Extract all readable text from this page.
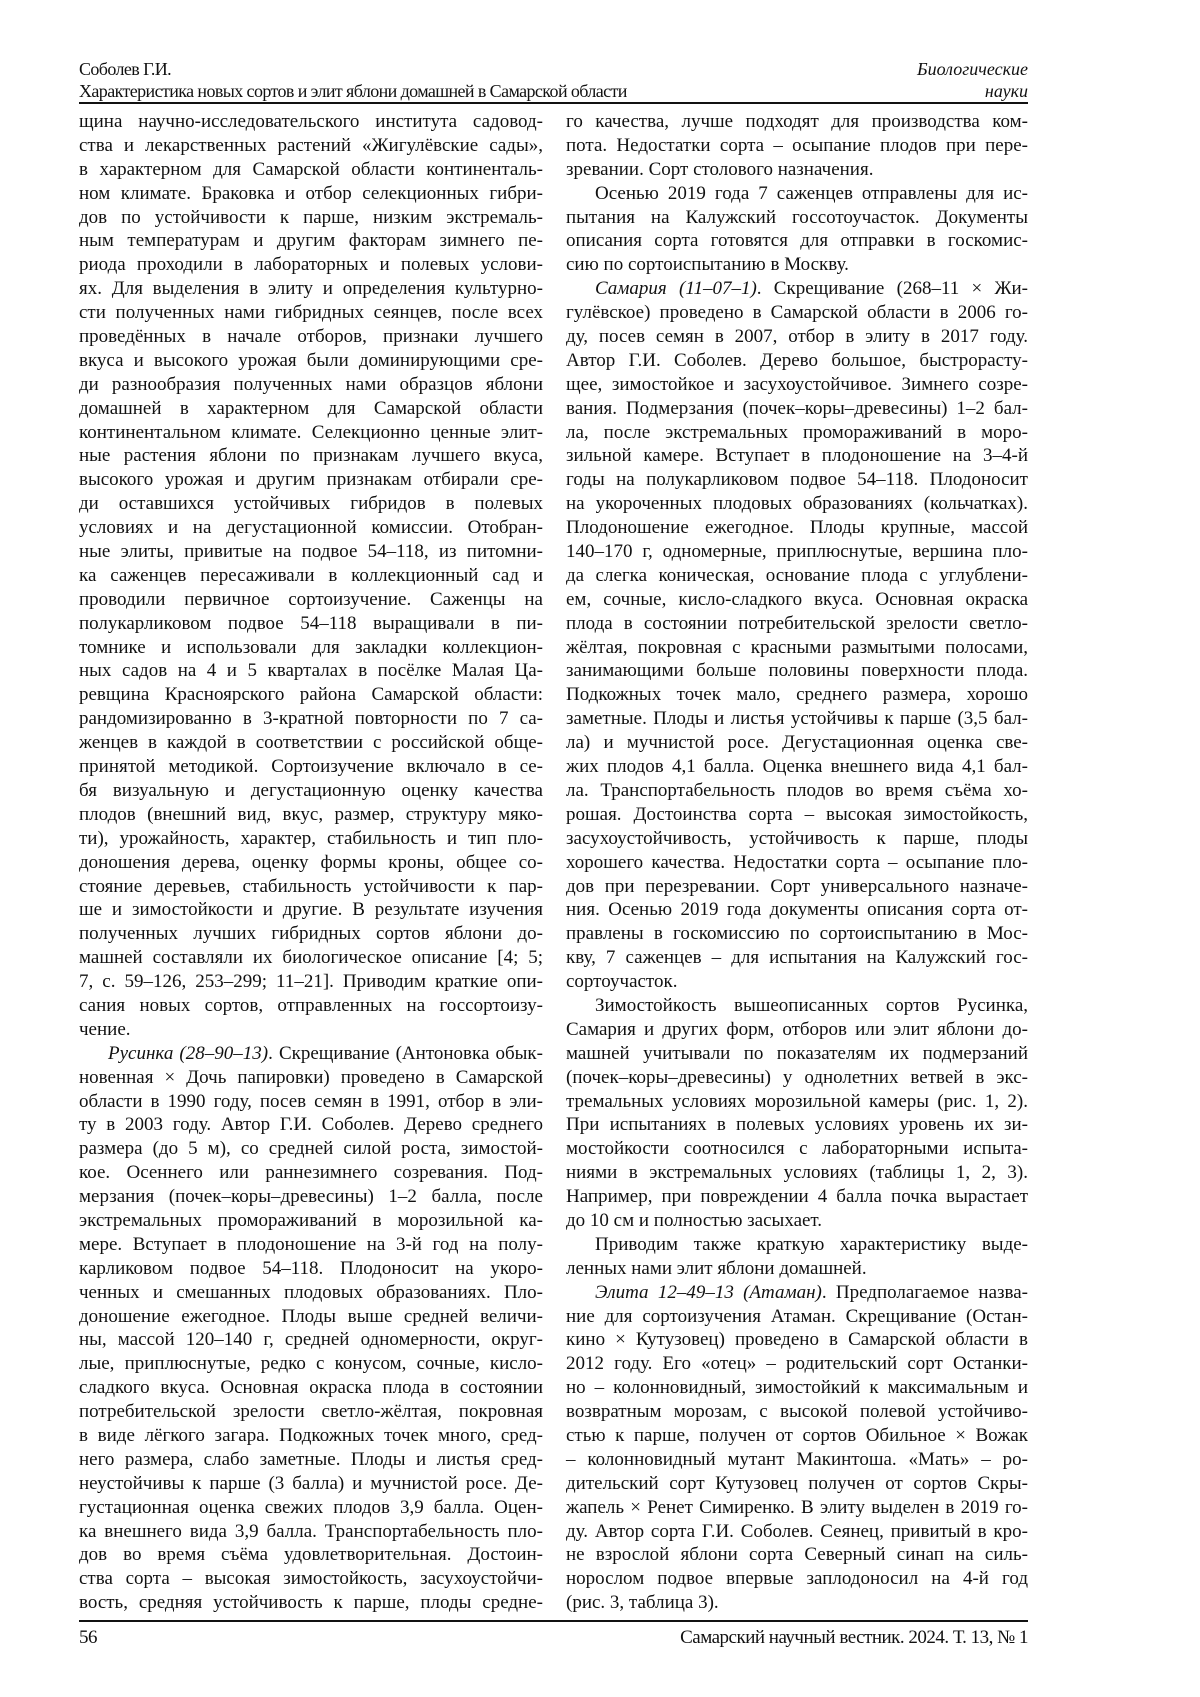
Соболев Г.И.
Характеристика новых сортов и элит яблони домашней в Самарской области
Биологические
науки
щина научно-исследовательского института садовод-
ства и лекарственных растений «Жигулёвские сады»,
в характерном для Самарской области континенталь-
ном климате. Браковка и отбор селекционных гибри-
дов по устойчивости к парше, низким экстремаль-
ным температурам и другим факторам зимнего пе-
риода проходили в лабораторных и полевых услови-
ях. Для выделения в элиту и определения культурно-
сти полученных нами гибридных сеянцев, после всех
проведённых в начале отборов, признаки лучшего
вкуса и высокого урожая были доминирующими сре-
ди разнообразия полученных нами образцов яблони
домашней в характерном для Самарской области
континентальном климате. Селекционно ценные элит-
ные растения яблони по признакам лучшего вкуса,
высокого урожая и другим признакам отбирали сре-
ди оставшихся устойчивых гибридов в полевых
условиях и на дегустационной комиссии. Отобран-
ные элиты, привитые на подвое 54–118, из питомни-
ка саженцев пересаживали в коллекционный сад и
проводили первичное сортоизучение. Саженцы на
полукарликовом подвое 54–118 выращивали в пи-
томнике и использовали для закладки коллекцион-
ных садов на 4 и 5 кварталах в посёлке Малая Ца-
ревщина Красноярского района Самарской области:
рандомизированно в 3-кратной повторности по 7 са-
женцев в каждой в соответствии с российской обще-
принятой методикой. Сортоизучение включало в се-
бя визуальную и дегустационную оценку качества
плодов (внешний вид, вкус, размер, структуру мяко-
ти), урожайность, характер, стабильность и тип пло-
доношения дерева, оценку формы кроны, общее со-
стояние деревьев, стабильность устойчивости к пар-
ше и зимостойкости и другие. В результате изучения
полученных лучших гибридных сортов яблони до-
машней составляли их биологическое описание [4; 5;
7, с. 59–126, 253–299; 11–21]. Приводим краткие опи-
сания новых сортов, отправленных на госсортоизу-
чение.
Русинка (28–90–13). Скрещивание (Антоновка обык-
новенная × Дочь папировки) проведено в Самарской
области в 1990 году, посев семян в 1991, отбор в эли-
ту в 2003 году. Автор Г.И. Соболев. Дерево среднего
размера (до 5 м), со средней силой роста, зимостой-
кое. Осеннего или раннезимнего созревания. Под-
мерзания (почек–коры–древесины) 1–2 балла, после
экстремальных промораживаний в морозильной ка-
мере. Вступает в плодоношение на 3-й год на полу-
карликовом подвое 54–118. Плодоносит на укоро-
ченных и смешанных плодовых образованиях. Пло-
доношение ежегодное. Плоды выше средней величи-
ны, массой 120–140 г, средней одномерности, округ-
лые, приплюснутые, редко с конусом, сочные, кисло-
сладкого вкуса. Основная окраска плода в состоянии
потребительской зрелости светло-жёлтая, покровная
в виде лёгкого загара. Подкожных точек много, сред-
него размера, слабо заметные. Плоды и листья сред-
неустойчивы к парше (3 балла) и мучнистой росе. Де-
густационная оценка свежих плодов 3,9 балла. Оцен-
ка внешнего вида 3,9 балла. Транспортабельность пло-
дов во время съёма удовлетворительная. Достоин-
ства сорта – высокая зимостойкость, засухоустойчи-
вость, средняя устойчивость к парше, плоды средне-
го качества, лучше подходят для производства ком-
пота. Недостатки сорта – осыпание плодов при пере-
зревании. Сорт столового назначения.
Осенью 2019 года 7 саженцев отправлены для ис-
пытания на Калужский госсотоучасток. Документы
описания сорта готовятся для отправки в госкомис-
сию по сортоиспытанию в Москву.
Самария (11–07–1). Скрещивание (268–11 × Жи-
гулёвское) проведено в Самарской области в 2006 го-
ду, посев семян в 2007, отбор в элиту в 2017 году.
Автор Г.И. Соболев. Дерево большое, быстрорасту-
щее, зимостойкое и засухоустойчивое. Зимнего созре-
вания. Подмерзания (почек–коры–древесины) 1–2 бал-
ла, после экстремальных промораживаний в моро-
зильной камере. Вступает в плодоношение на 3–4-й
годы на полукарликовом подвое 54–118. Плодоносит
на укороченных плодовых образованиях (кольчатках).
Плодоношение ежегодное. Плоды крупные, массой
140–170 г, одномерные, приплюснутые, вершина пло-
да слегка коническая, основание плода с углублени-
ем, сочные, кисло-сладкого вкуса. Основная окраска
плода в состоянии потребительской зрелости светло-
жёлтая, покровная с красными размытыми полосами,
занимающими больше половины поверхности плода.
Подкожных точек мало, среднего размера, хорошо
заметные. Плоды и листья устойчивы к парше (3,5 бал-
ла) и мучнистой росе. Дегустационная оценка све-
жих плодов 4,1 балла. Оценка внешнего вида 4,1 бал-
ла. Транспортабельность плодов во время съёма хо-
рошая. Достоинства сорта – высокая зимостойкость,
засухоустойчивость, устойчивость к парше, плоды
хорошего качества. Недостатки сорта – осыпание пло-
дов при перезревании. Сорт универсального назначе-
ния. Осенью 2019 года документы описания сорта от-
правлены в госкомиссию по сортоиспытанию в Мос-
кву, 7 саженцев – для испытания на Калужский гос-
сортоучасток.
Зимостойкость вышеописанных сортов Русинка,
Самария и других форм, отборов или элит яблони до-
машней учитывали по показателям их подмерзаний
(почек–коры–древесины) у однолетних ветвей в экс-
тремальных условиях морозильной камеры (рис. 1, 2).
При испытаниях в полевых условиях уровень их зи-
мостойкости соотносился с лабораторными испыта-
ниями в экстремальных условиях (таблицы 1, 2, 3).
Например, при повреждении 4 балла почка вырастает
до 10 см и полностью засыхает.
Приводим также краткую характеристику выде-
ленных нами элит яблони домашней.
Элита 12–49–13 (Атаман). Предполагаемое назва-
ние для сортоизучения Атаман. Скрещивание (Остан-
кино × Кутузовец) проведено в Самарской области в
2012 году. Его «отец» – родительский сорт Останки-
но – колонновидный, зимостойкий к максимальным и
возвратным морозам, с высокой полевой устойчиво-
стью к парше, получен от сортов Обильное × Вожак
– колонновидный мутант Макинтоша. «Мать» – ро-
дительский сорт Кутузовец получен от сортов Скры-
жапель × Ренет Симиренко. В элиту выделен в 2019 го-
ду. Автор сорта Г.И. Соболев. Сеянец, привитый в кро-
не взрослой яблони сорта Северный синап на силь-
норослом подвое впервые заплодоносил на 4-й год
(рис. 3, таблица 3).
56	Самарский научный вестник. 2024. Т. 13, № 1
